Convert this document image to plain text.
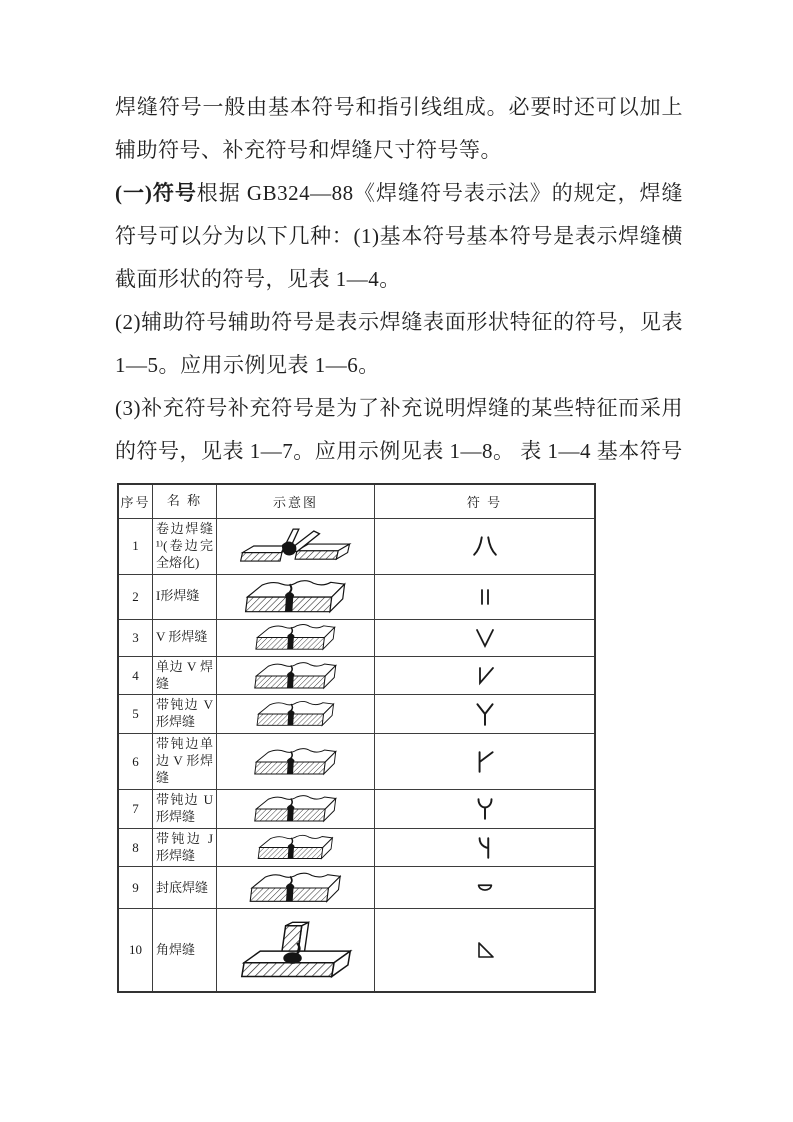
焊缝符号一般由基本符号和指引线组成。必要时还可以加上辅助符号、补充符号和焊缝尺寸符号等。

(一)符号根据 GB324—88《焊缝符号表示法》的规定，焊缝符号可以分为以下几种：(1)基本符号基本符号是表示焊缝横截面形状的符号，见表 1—4。

(2)辅助符号辅助符号是表示焊缝表面形状特征的符号，见表 1—5。应用示例见表 1—6。

(3)补充符号补充符号是为了补充说明焊缝的某些特征而采用的符号，见表 1—7。应用示例见表 1—8。 表 1—4 基本符号

序号	名 称	示意图	符 号
1	卷边焊缝¹⁾(卷边完全熔化)	

2	I形焊缝	

3	V 形焊缝	

4	单边 V 焊缝	

5	带钝边 V 形焊缝	

6	带钝边单边 V 形焊缝	

7	带钝边 U 形焊缝	

8	带钝边 J 形焊缝	

9	封底焊缝	

10	角焊缝	
